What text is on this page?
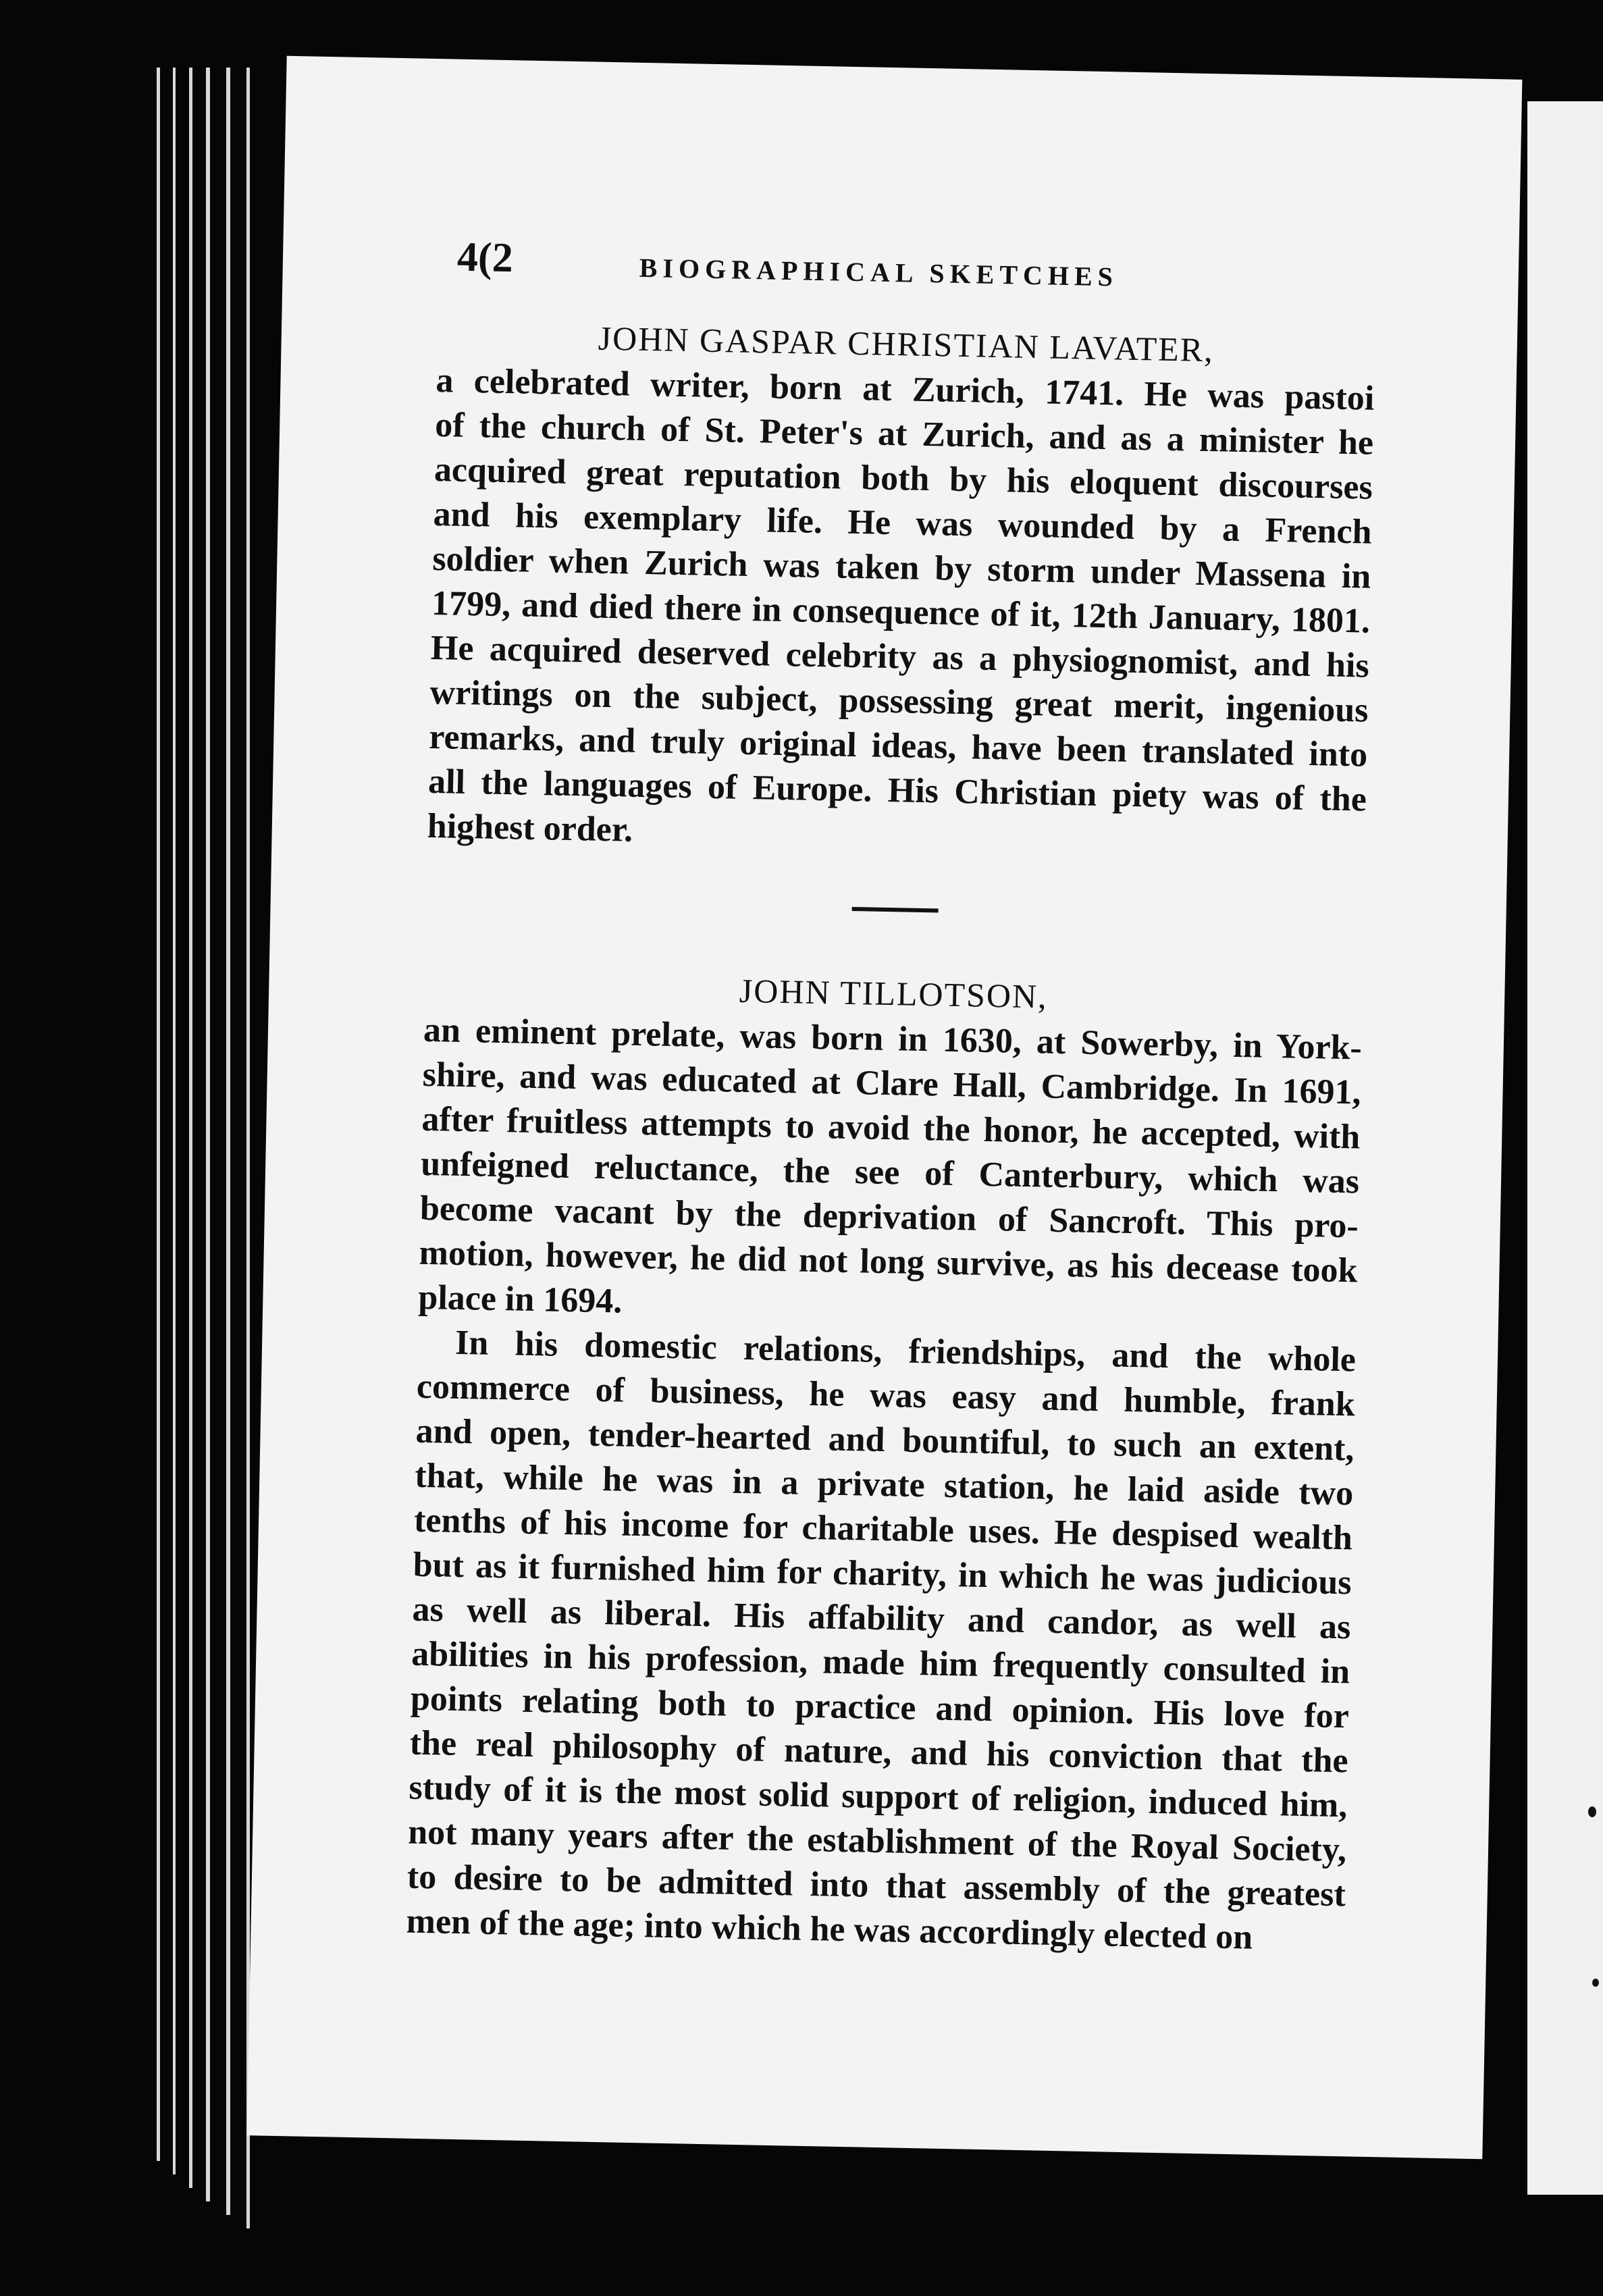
4(2	BIOGRAPHICAL SKETCHES
JOHN GASPAR CHRISTIAN LAVATER,
a celebrated writer, born at Zurich, 1741. He was pastoi
of the church of St. Peter's at Zurich, and as a minister he
acquired great reputation both by his eloquent discourses
and his exemplary life. He was wounded by a French
soldier when Zurich was taken by storm under Massena in
1799, and died there in consequence of it, 12th January, 1801.
He acquired deserved celebrity as a physiognomist, and his
writings on the subject, possessing great merit, ingenious
remarks, and truly original ideas, have been translated into
all the languages of Europe. His Christian piety was of the
highest order.
JOHN TILLOTSON,
an eminent prelate, was born in 1630, at Sowerby, in York-
shire, and was educated at Clare Hall, Cambridge. In 1691,
after fruitless attempts to avoid the honor, he accepted, with
unfeigned reluctance, the see of Canterbury, which was
become vacant by the deprivation of Sancroft. This pro-
motion, however, he did not long survive, as his decease took
place in 1694.
In his domestic relations, friendships, and the whole
commerce of business, he was easy and humble, frank
and open, tender-hearted and bountiful, to such an extent,
that, while he was in a private station, he laid aside two
tenths of his income for charitable uses. He despised wealth
but as it furnished him for charity, in which he was judicious
as well as liberal. His affability and candor, as well as
abilities in his profession, made him frequently consulted in
points relating both to practice and opinion. His love for
the real philosophy of nature, and his conviction that the
study of it is the most solid support of religion, induced him,
not many years after the establishment of the Royal Society,
to desire to be admitted into that assembly of the greatest
men of the age; into which he was accordingly elected on
